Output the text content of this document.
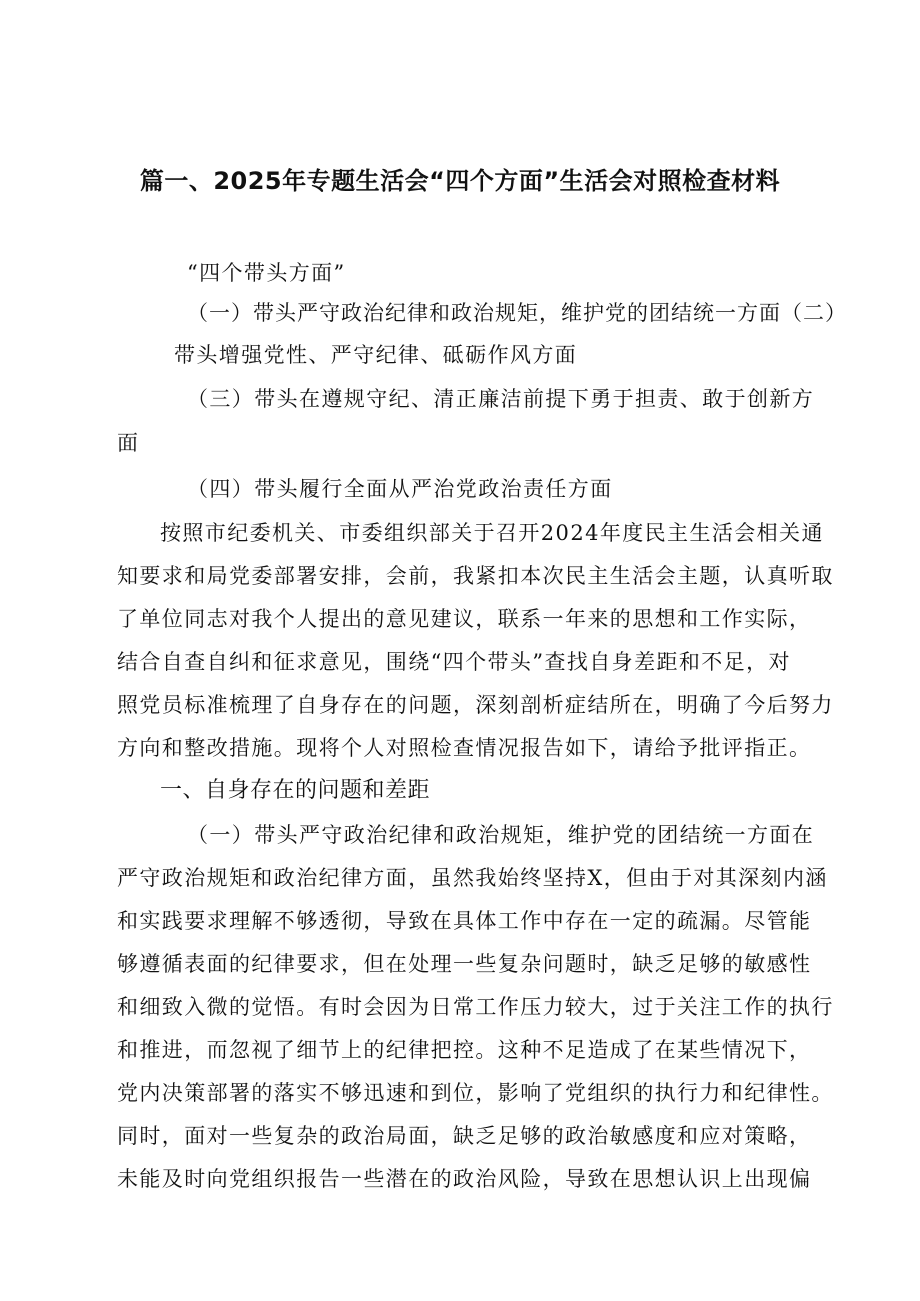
篇一、2025年专题生活会“四个方面”生活会对照检查材料
“四个带头方面”
（一）带头严守政治纪律和政治规矩，维护党的团结统一方面（二）
带头增强党性、严守纪律、砥砺作风方面
（三）带头在遵规守纪、清正廉洁前提下勇于担责、敢于创新方
面
（四）带头履行全面从严治党政治责任方面
按照市纪委机关、市委组织部关于召开2024年度民主生活会相关通
知要求和局党委部署安排，会前，我紧扣本次民主生活会主题，认真听取
了单位同志对我个人提出的意见建议，联系一年来的思想和工作实际，
结合自查自纠和征求意见，围绕“四个带头”查找自身差距和不足，对
照党员标准梳理了自身存在的问题，深刻剖析症结所在，明确了今后努力
方向和整改措施。现将个人对照检查情况报告如下，请给予批评指正。
一、自身存在的问题和差距
（一）带头严守政治纪律和政治规矩，维护党的团结统一方面在
严守政治规矩和政治纪律方面，虽然我始终坚持X，但由于对其深刻内涵
和实践要求理解不够透彻，导致在具体工作中存在一定的疏漏。尽管能
够遵循表面的纪律要求，但在处理一些复杂问题时，缺乏足够的敏感性
和细致入微的觉悟。有时会因为日常工作压力较大，过于关注工作的执行
和推进，而忽视了细节上的纪律把控。这种不足造成了在某些情况下，
党内决策部署的落实不够迅速和到位，影响了党组织的执行力和纪律性。
同时，面对一些复杂的政治局面，缺乏足够的政治敏感度和应对策略，
未能及时向党组织报告一些潜在的政治风险，导致在思想认识上出现偏
